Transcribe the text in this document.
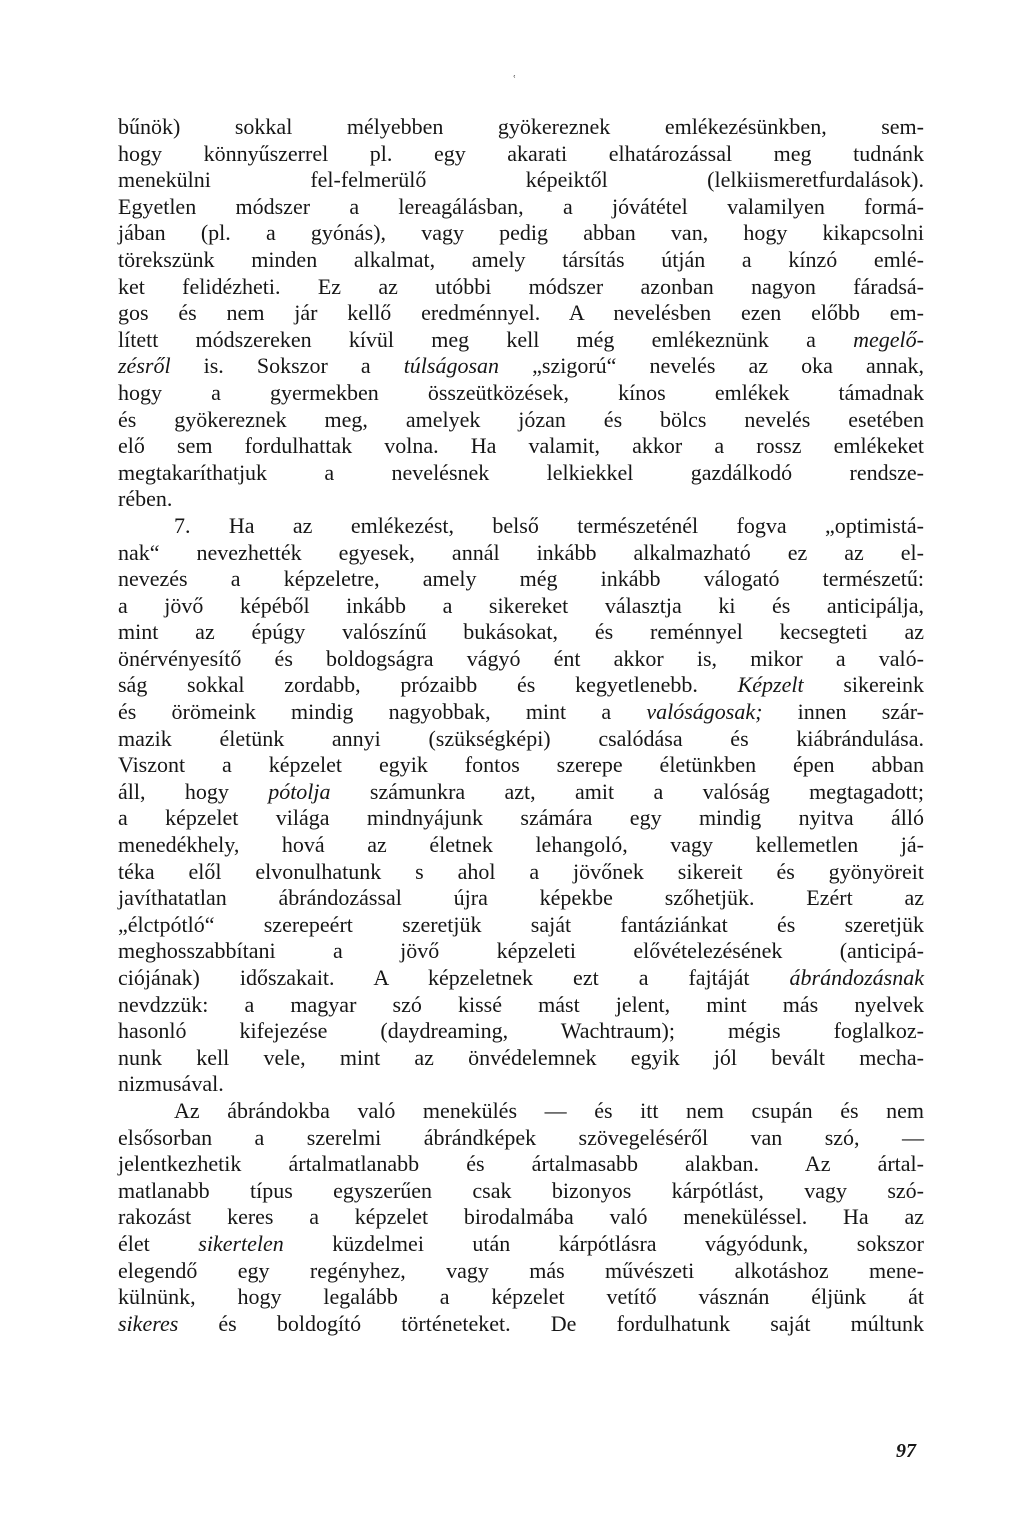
ʿ
bűnök) sokkal mélyebben gyökereznek emlékezésünkben, sem-
hogy könnyűszerrel pl. egy akarati elhatározással meg tudnánk
menekülni fel-felmerülő képeiktől (lelkiismeretfurdalások).
Egyetlen módszer a lereagálásban, a jóvátétel valamilyen formá-
jában (pl. a gyónás), vagy pedig abban van, hogy kikapcsolni
törekszünk minden alkalmat, amely társítás útján a kínzó emlé-
ket felidézheti. Ez az utóbbi módszer azonban nagyon fáradsá-
gos és nem jár kellő eredménnyel. A nevelésben ezen előbb em-
lített módszereken kívül meg kell még emlékeznünk a megelő-
zésről is. Sokszor a túlságosan „szigorú“ nevelés az oka annak,
hogy a gyermekben összeütközések, kínos emlékek támadnak
és gyökereznek meg, amelyek józan és bölcs nevelés esetében
elő sem fordulhattak volna. Ha valamit, akkor a rossz emlékeket
megtakaríthatjuk a nevelésnek lelkiekkel gazdálkodó rendsze-
rében.
7. Ha az emlékezést, belső természeténél fogva „optimistá-
nak“ nevezhették egyesek, annál inkább alkalmazható ez az el-
nevezés a képzeletre, amely még inkább válogató természetű:
a jövő képéből inkább a sikereket választja ki és anticipálja,
mint az épúgy valószínű bukásokat, és reménnyel kecsegteti az
önérvényesítő és boldogságra vágyó ént akkor is, mikor a való-
ság sokkal zordabb, prózaibb és kegyetlenebb. Képzelt sikereink
és örömeink mindig nagyobbak, mint a valóságosak; innen szár-
mazik életünk annyi (szükségképi) csalódása és kiábrándulása.
Viszont a képzelet egyik fontos szerepe életünkben épen abban
áll, hogy pótolja számunkra azt, amit a valóság megtagadott;
a képzelet világa mindnyájunk számára egy mindig nyitva álló
menedékhely, hová az életnek lehangoló, vagy kellemetlen já-
téka elől elvonulhatunk s ahol a jövőnek sikereit és gyönyöreit
javíthatatlan ábrándozással újra képekbe szőhetjük. Ezért az
„élctpótló“ szerepeért szeretjük saját fantáziánkat és szeretjük
meghosszabbítani a jövő képzeleti elővételezésének (anticipá-
ciójának) időszakait. A képzeletnek ezt a fajtáját ábrándozásnak
nevdzzük: a magyar szó kissé mást jelent, mint más nyelvek
hasonló kifejezése (daydreaming, Wachtraum); mégis foglalkoz-
nunk kell vele, mint az önvédelemnek egyik jól bevált mecha-
nizmusával.
Az ábrándokba való menekülés — és itt nem csupán és nem
elsősorban a szerelmi ábrándképek szövegeléséről van szó, —
jelentkezhetik ártalmatlanabb és ártalmasabb alakban. Az ártal-
matlanabb típus egyszerűen csak bizonyos kárpótlást, vagy szó-
rakozást keres a képzelet birodalmába való meneküléssel. Ha az
élet sikertelen küzdelmei után kárpótlásra vágyódunk, sokszor
elegendő egy regényhez, vagy más művészeti alkotáshoz mene-
külnünk, hogy legalább a képzelet vetítő vásznán éljünk át
sikeres és boldogító történeteket. De fordulhatunk saját múltunk
97
